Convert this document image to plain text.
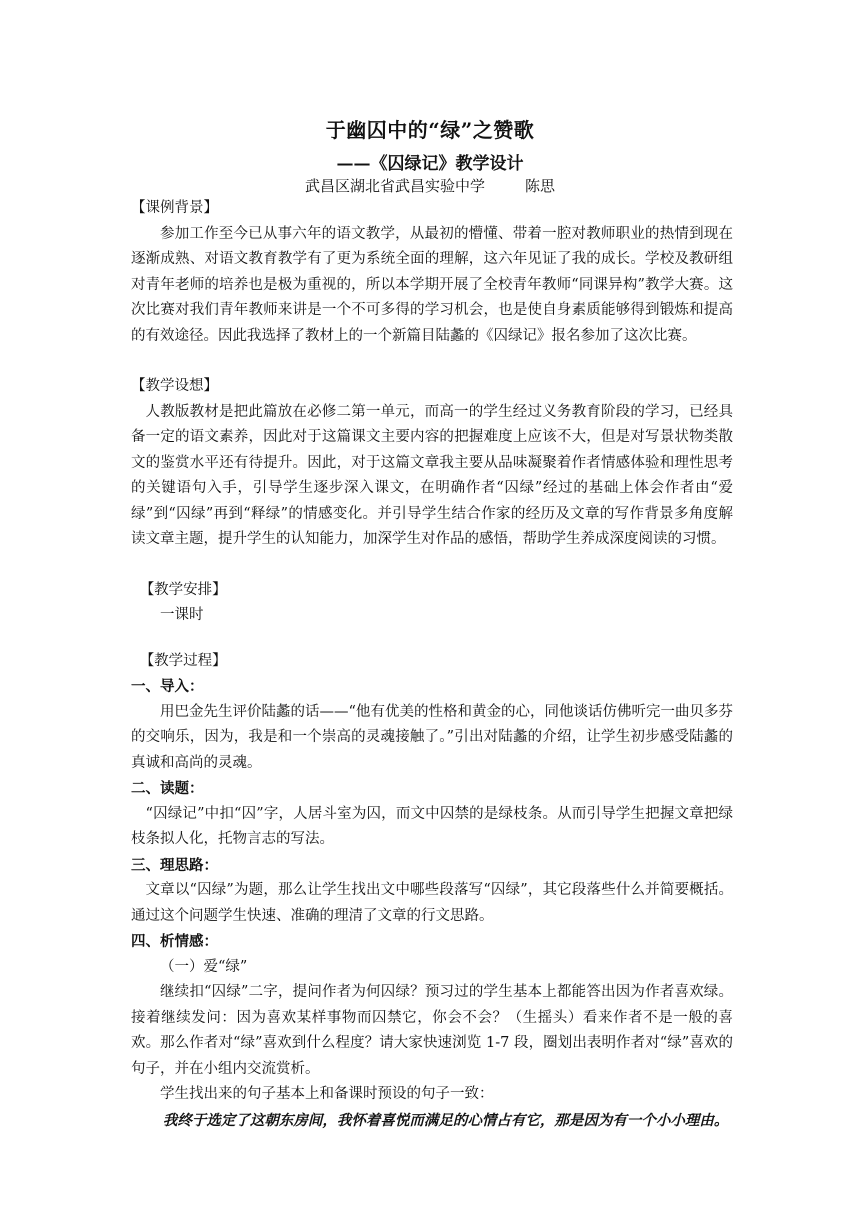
于幽囚中的“绿”之赞歌
——《囚绿记》教学设计
武昌区湖北省武昌实验中学	陈思

【课例背景】

参加工作至今已从事六年的语文教学，从最初的懵懂、带着一腔对教师职业的热情到现在逐渐成熟、对语文教育教学有了更为系统全面的理解，这六年见证了我的成长。学校及教研组对青年老师的培养也是极为重视的，所以本学期开展了全校青年教师“同课异构”教学大赛。这次比赛对我们青年教师来讲是一个不可多得的学习机会，也是使自身素质能够得到锻炼和提高的有效途径。因此我选择了教材上的一个新篇目陆蠡的《囚绿记》报名参加了这次比赛。

【教学设想】

人教版教材是把此篇放在必修二第一单元，而高一的学生经过义务教育阶段的学习，已经具备一定的语文素养，因此对于这篇课文主要内容的把握难度上应该不大，但是对写景状物类散文的鉴赏水平还有待提升。因此，对于这篇文章我主要从品味凝聚着作者情感体验和理性思考的关键语句入手，引导学生逐步深入课文，在明确作者“囚绿”经过的基础上体会作者由“爱绿”到“囚绿”再到“释绿”的情感变化。并引导学生结合作家的经历及文章的写作背景多角度解读文章主题，提升学生的认知能力，加深学生对作品的感悟，帮助学生养成深度阅读的习惯。

【教学安排】

一课时

【教学过程】

一、导入：

用巴金先生评价陆蠡的话——“他有优美的性格和黄金的心，同他谈话仿佛听完一曲贝多芬的交响乐，因为，我是和一个崇高的灵魂接触了。”引出对陆蠡的介绍，让学生初步感受陆蠡的真诚和高尚的灵魂。

二、读题：

“囚绿记”中扣“囚”字，人居斗室为囚，而文中囚禁的是绿枝条。从而引导学生把握文章把绿枝条拟人化，托物言志的写法。

三、理思路：

文章以“囚绿”为题，那么让学生找出文中哪些段落写“囚绿”，其它段落些什么并简要概括。通过这个问题学生快速、准确的理清了文章的行文思路。

四、析情感：

（一）爱“绿”

继续扣“囚绿”二字，提问作者为何囚绿？预习过的学生基本上都能答出因为作者喜欢绿。接着继续发问：因为喜欢某样事物而囚禁它，你会不会？（生摇头）看来作者不是一般的喜欢。那么作者对“绿”喜欢到什么程度？请大家快速浏览 1-7 段，圈划出表明作者对“绿”喜欢的句子，并在小组内交流赏析。

学生找出来的句子基本上和备课时预设的句子一致：

我终于选定了这朝东房间，我怀着喜悦而满足的心情占有它，那是因为有一个小小理由。
